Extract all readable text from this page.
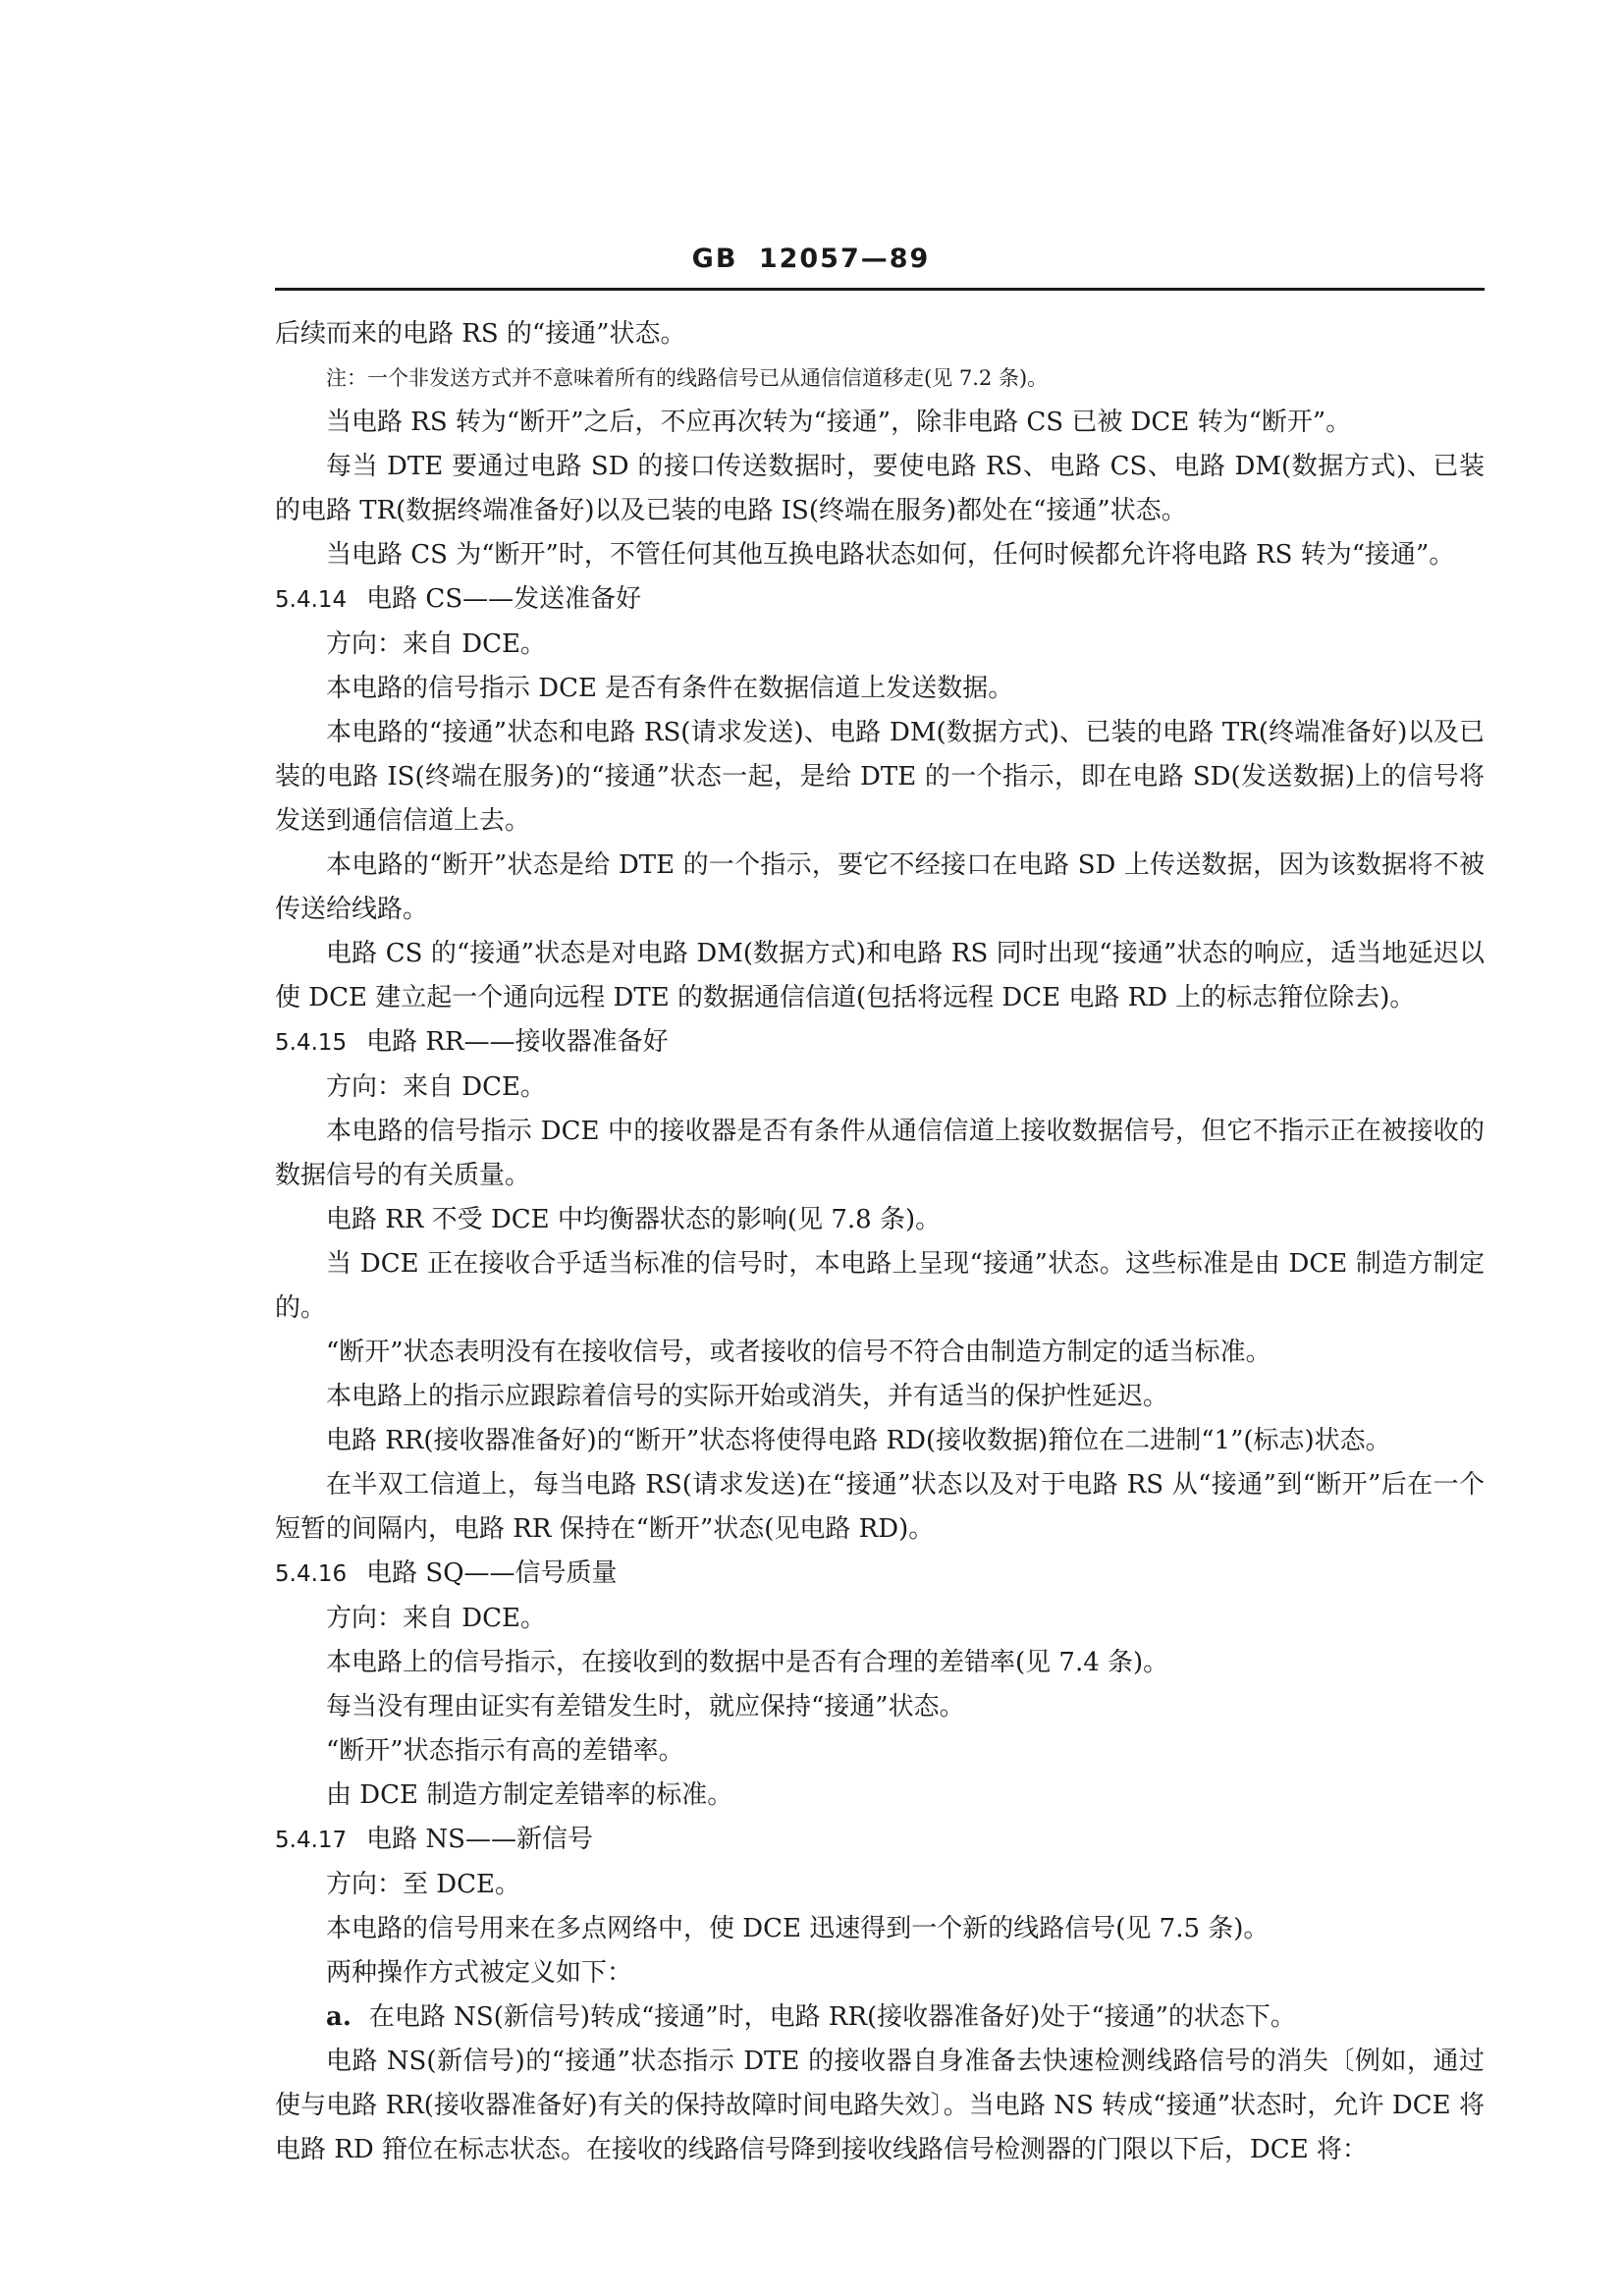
GB 12057—89

后续而来的电路 RS 的“接通”状态。

注：一个非发送方式并不意味着所有的线路信号已从通信信道移走(见 7.2 条)。

当电路 RS 转为“断开”之后，不应再次转为“接通”，除非电路 CS 已被 DCE 转为“断开”。

每当 DTE 要通过电路 SD 的接口传送数据时，要使电路 RS、电路 CS、电路 DM(数据方式)、已装的电路 TR(数据终端准备好)以及已装的电路 IS(终端在服务)都处在“接通”状态。

当电路 CS 为“断开”时，不管任何其他互换电路状态如何，任何时候都允许将电路 RS 转为“接通”。

5.4.14 电路 CS——发送准备好

方向：来自 DCE。

本电路的信号指示 DCE 是否有条件在数据信道上发送数据。

本电路的“接通”状态和电路 RS(请求发送)、电路 DM(数据方式)、已装的电路 TR(终端准备好)以及已装的电路 IS(终端在服务)的“接通”状态一起，是给 DTE 的一个指示，即在电路 SD(发送数据)上的信号将发送到通信信道上去。

本电路的“断开”状态是给 DTE 的一个指示，要它不经接口在电路 SD 上传送数据，因为该数据将不被传送给线路。

电路 CS 的“接通”状态是对电路 DM(数据方式)和电路 RS 同时出现“接通”状态的响应，适当地延迟以使 DCE 建立起一个通向远程 DTE 的数据通信信道(包括将远程 DCE 电路 RD 上的标志箝位除去)。

5.4.15 电路 RR——接收器准备好

方向：来自 DCE。

本电路的信号指示 DCE 中的接收器是否有条件从通信信道上接收数据信号，但它不指示正在被接收的数据信号的有关质量。

电路 RR 不受 DCE 中均衡器状态的影响(见 7.8 条)。

当 DCE 正在接收合乎适当标准的信号时，本电路上呈现“接通”状态。这些标准是由 DCE 制造方制定的。

“断开”状态表明没有在接收信号，或者接收的信号不符合由制造方制定的适当标准。

本电路上的指示应跟踪着信号的实际开始或消失，并有适当的保护性延迟。

电路 RR(接收器准备好)的“断开”状态将使得电路 RD(接收数据)箝位在二进制“1”(标志)状态。

在半双工信道上，每当电路 RS(请求发送)在“接通”状态以及对于电路 RS 从“接通”到“断开”后在一个短暂的间隔内，电路 RR 保持在“断开”状态(见电路 RD)。

5.4.16 电路 SQ——信号质量

方向：来自 DCE。

本电路上的信号指示，在接收到的数据中是否有合理的差错率(见 7.4 条)。

每当没有理由证实有差错发生时，就应保持“接通”状态。

“断开”状态指示有高的差错率。

由 DCE 制造方制定差错率的标准。

5.4.17 电路 NS——新信号

方向：至 DCE。

本电路的信号用来在多点网络中，使 DCE 迅速得到一个新的线路信号(见 7.5 条)。

两种操作方式被定义如下：

a. 在电路 NS(新信号)转成“接通”时，电路 RR(接收器准备好)处于“接通”的状态下。

电路 NS(新信号)的“接通”状态指示 DTE 的接收器自身准备去快速检测线路信号的消失〔例如，通过使与电路 RR(接收器准备好)有关的保持故障时间电路失效〕。当电路 NS 转成“接通”状态时，允许 DCE 将电路 RD 箝位在标志状态。在接收的线路信号降到接收线路信号检测器的门限以下后，DCE 将：
